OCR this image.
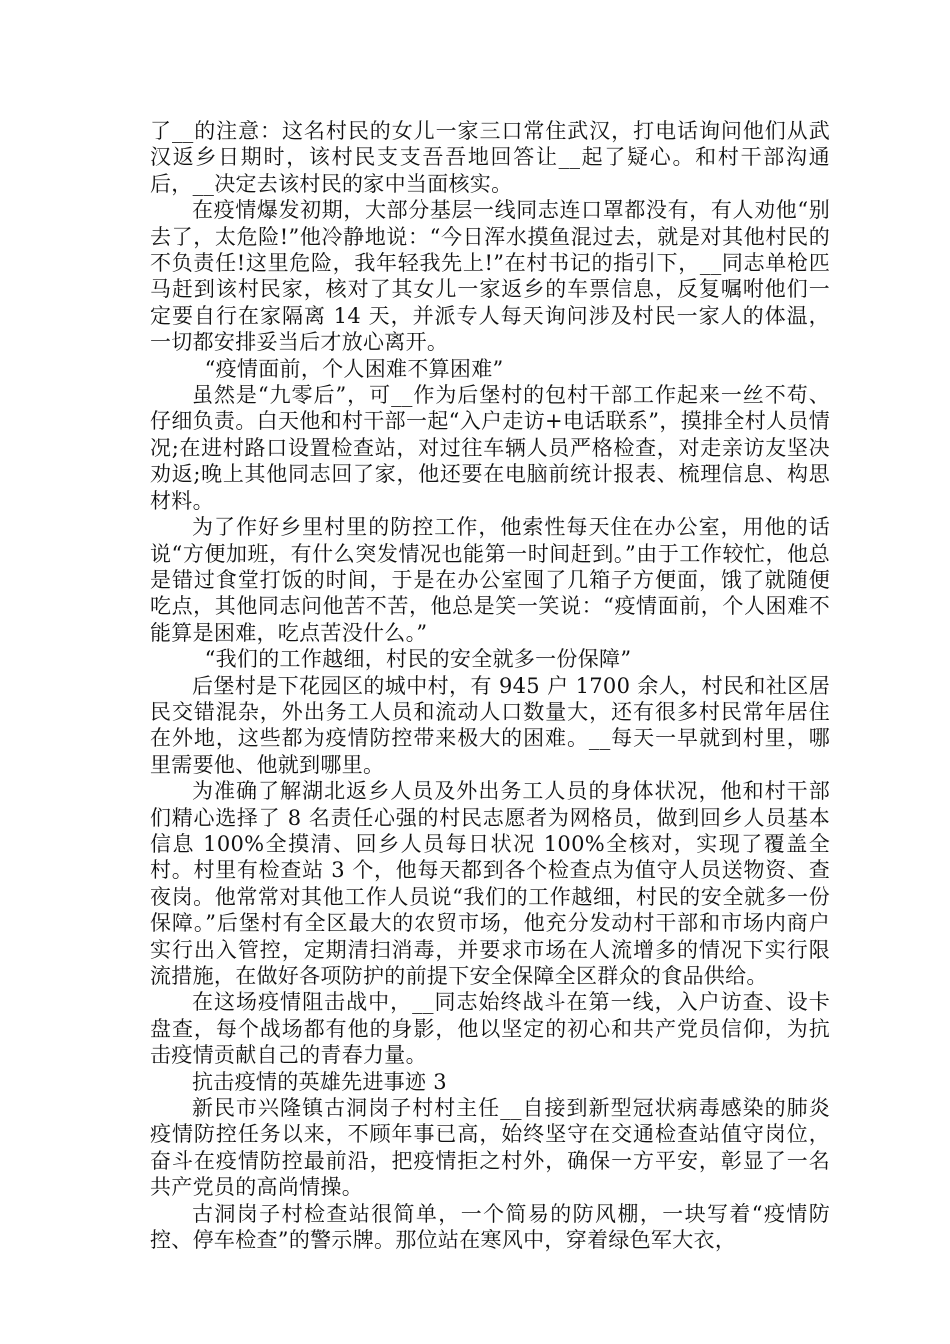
了__的注意：这名村民的女儿一家三口常住武汉，打电话询问他们从武汉返乡日期时，该村民支支吾吾地回答让__起了疑心。和村干部沟通后，__决定去该村民的家中当面核实。

在疫情爆发初期，大部分基层一线同志连口罩都没有，有人劝他“别去了，太危险!”他冷静地说：“今日浑水摸鱼混过去，就是对其他村民的不负责任!这里危险，我年轻我先上!”在村书记的指引下，__同志单枪匹马赶到该村民家，核对了其女儿一家返乡的车票信息，反复嘱咐他们一定要自行在家隔离 14 天，并派专人每天询问涉及村民一家人的体温，一切都安排妥当后才放心离开。

“疫情面前，个人困难不算困难”

虽然是“九零后”，可__作为后堡村的包村干部工作起来一丝不苟、仔细负责。白天他和村干部一起“入户走访+电话联系”，摸排全村人员情况;在进村路口设置检查站，对过往车辆人员严格检查，对走亲访友坚决劝返;晚上其他同志回了家，他还要在电脑前统计报表、梳理信息、构思材料。

为了作好乡里村里的防控工作，他索性每天住在办公室，用他的话说“方便加班，有什么突发情况也能第一时间赶到。”由于工作较忙，他总是错过食堂打饭的时间，于是在办公室囤了几箱子方便面，饿了就随便吃点，其他同志问他苦不苦，他总是笑一笑说：“疫情面前，个人困难不能算是困难，吃点苦没什么。”

“我们的工作越细，村民的安全就多一份保障”

后堡村是下花园区的城中村，有 945 户 1700 余人，村民和社区居民交错混杂，外出务工人员和流动人口数量大，还有很多村民常年居住在外地，这些都为疫情防控带来极大的困难。__每天一早就到村里，哪里需要他、他就到哪里。

为准确了解湖北返乡人员及外出务工人员的身体状况，他和村干部们精心选择了 8 名责任心强的村民志愿者为网格员，做到回乡人员基本信息 100%全摸清、回乡人员每日状况 100%全核对，实现了覆盖全村。村里有检查站 3 个，他每天都到各个检查点为值守人员送物资、查夜岗。他常常对其他工作人员说“我们的工作越细，村民的安全就多一份保障。”后堡村有全区最大的农贸市场，他充分发动村干部和市场内商户实行出入管控，定期清扫消毒，并要求市场在人流增多的情况下实行限流措施，在做好各项防护的前提下安全保障全区群众的食品供给。

在这场疫情阻击战中，__同志始终战斗在第一线，入户访查、设卡盘查，每个战场都有他的身影，他以坚定的初心和共产党员信仰，为抗击疫情贡献自己的青春力量。

抗击疫情的英雄先进事迹 3

新民市兴隆镇古洞岗子村村主任__自接到新型冠状病毒感染的肺炎疫情防控任务以来，不顾年事已高，始终坚守在交通检查站值守岗位，奋斗在疫情防控最前沿，把疫情拒之村外，确保一方平安，彰显了一名共产党员的高尚情操。

古洞岗子村检查站很简单，一个简易的防风棚，一块写着“疫情防控、停车检查”的警示牌。那位站在寒风中，穿着绿色军大衣，
